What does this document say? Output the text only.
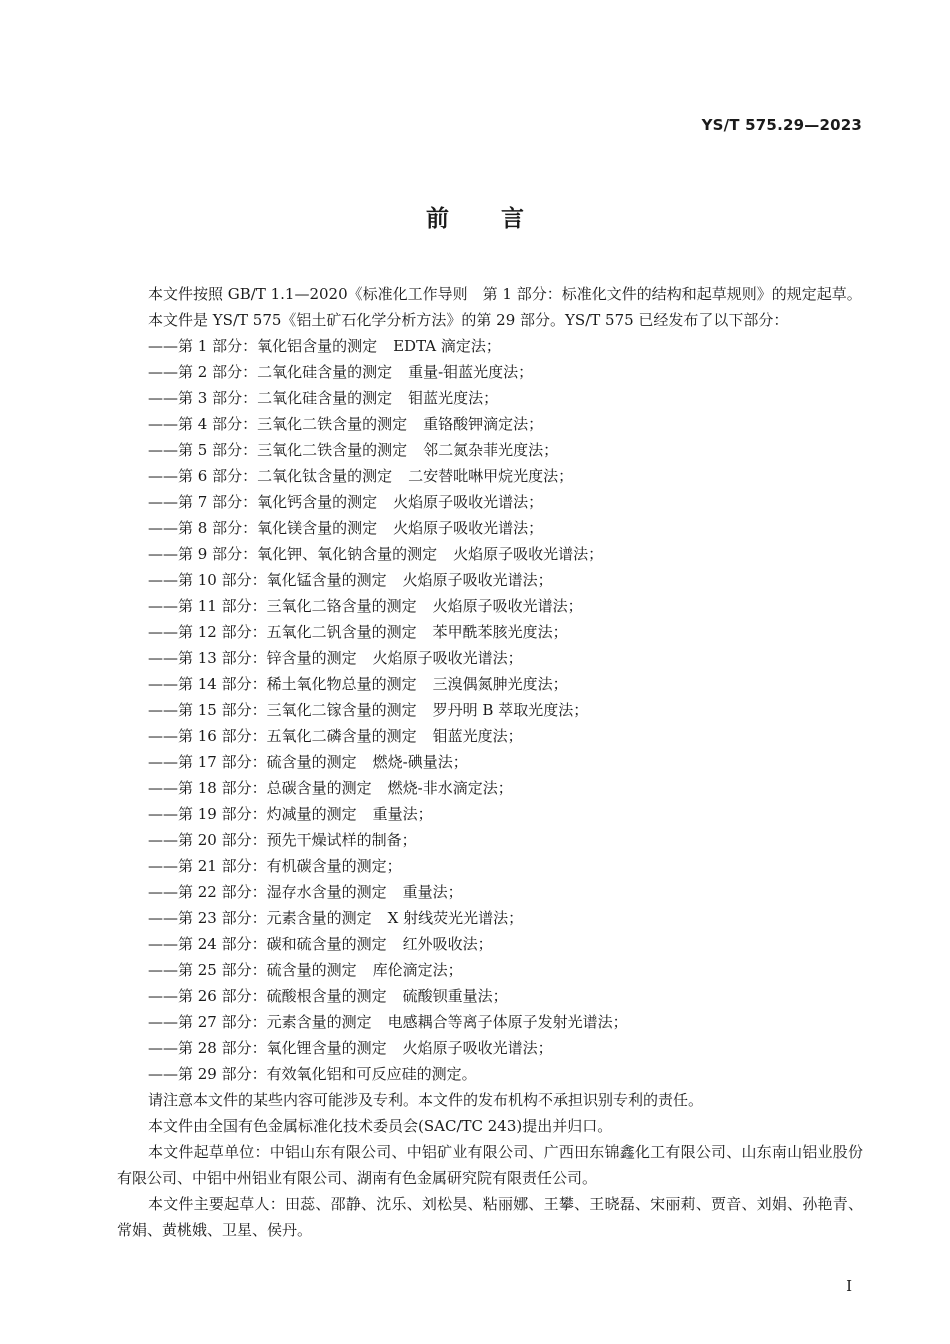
YS/T 575.29—2023
前言

本文件按照 GB/T 1.1—2020《标准化工作导则　第 1 部分：标准化文件的结构和起草规则》的规定起草。

本文件是 YS/T 575《铝土矿石化学分析方法》的第 29 部分。YS/T 575 已经发布了以下部分：

——第 1 部分：氧化铝含量的测定 EDTA 滴定法；
——第 2 部分：二氧化硅含量的测定 重量-钼蓝光度法；
——第 3 部分：二氧化硅含量的测定 钼蓝光度法；
——第 4 部分：三氧化二铁含量的测定 重铬酸钾滴定法；
——第 5 部分：三氧化二铁含量的测定 邻二氮杂菲光度法；
——第 6 部分：二氧化钛含量的测定 二安替吡啉甲烷光度法；
——第 7 部分：氧化钙含量的测定 火焰原子吸收光谱法；
——第 8 部分：氧化镁含量的测定 火焰原子吸收光谱法；
——第 9 部分：氧化钾、氧化钠含量的测定 火焰原子吸收光谱法；
——第 10 部分：氧化锰含量的测定 火焰原子吸收光谱法；
——第 11 部分：三氧化二铬含量的测定 火焰原子吸收光谱法；
——第 12 部分：五氧化二钒含量的测定 苯甲酰苯胲光度法；
——第 13 部分：锌含量的测定 火焰原子吸收光谱法；
——第 14 部分：稀土氧化物总量的测定 三溴偶氮胂光度法；
——第 15 部分：三氧化二镓含量的测定 罗丹明 B 萃取光度法；
——第 16 部分：五氧化二磷含量的测定 钼蓝光度法；
——第 17 部分：硫含量的测定 燃烧-碘量法；
——第 18 部分：总碳含量的测定 燃烧-非水滴定法；
——第 19 部分：灼减量的测定 重量法；
——第 20 部分：预先干燥试样的制备；
——第 21 部分：有机碳含量的测定；
——第 22 部分：湿存水含量的测定 重量法；
——第 23 部分：元素含量的测定 X 射线荧光光谱法；
——第 24 部分：碳和硫含量的测定 红外吸收法；
——第 25 部分：硫含量的测定 库伦滴定法；
——第 26 部分：硫酸根含量的测定 硫酸钡重量法；
——第 27 部分：元素含量的测定 电感耦合等离子体原子发射光谱法；
——第 28 部分：氧化锂含量的测定 火焰原子吸收光谱法；
——第 29 部分：有效氧化铝和可反应硅的测定。

请注意本文件的某些内容可能涉及专利。本文件的发布机构不承担识别专利的责任。

本文件由全国有色金属标准化技术委员会(SAC/TC 243)提出并归口。

本文件起草单位：中铝山东有限公司、中铝矿业有限公司、广西田东锦鑫化工有限公司、山东南山铝业股份有限公司、中铝中州铝业有限公司、湖南有色金属研究院有限责任公司。

本文件主要起草人：田蕊、邵静、沈乐、刘松昊、粘丽娜、王攀、王晓磊、宋丽莉、贾音、刘娟、孙艳青、常娟、黄桃娥、卫星、侯丹。

I
